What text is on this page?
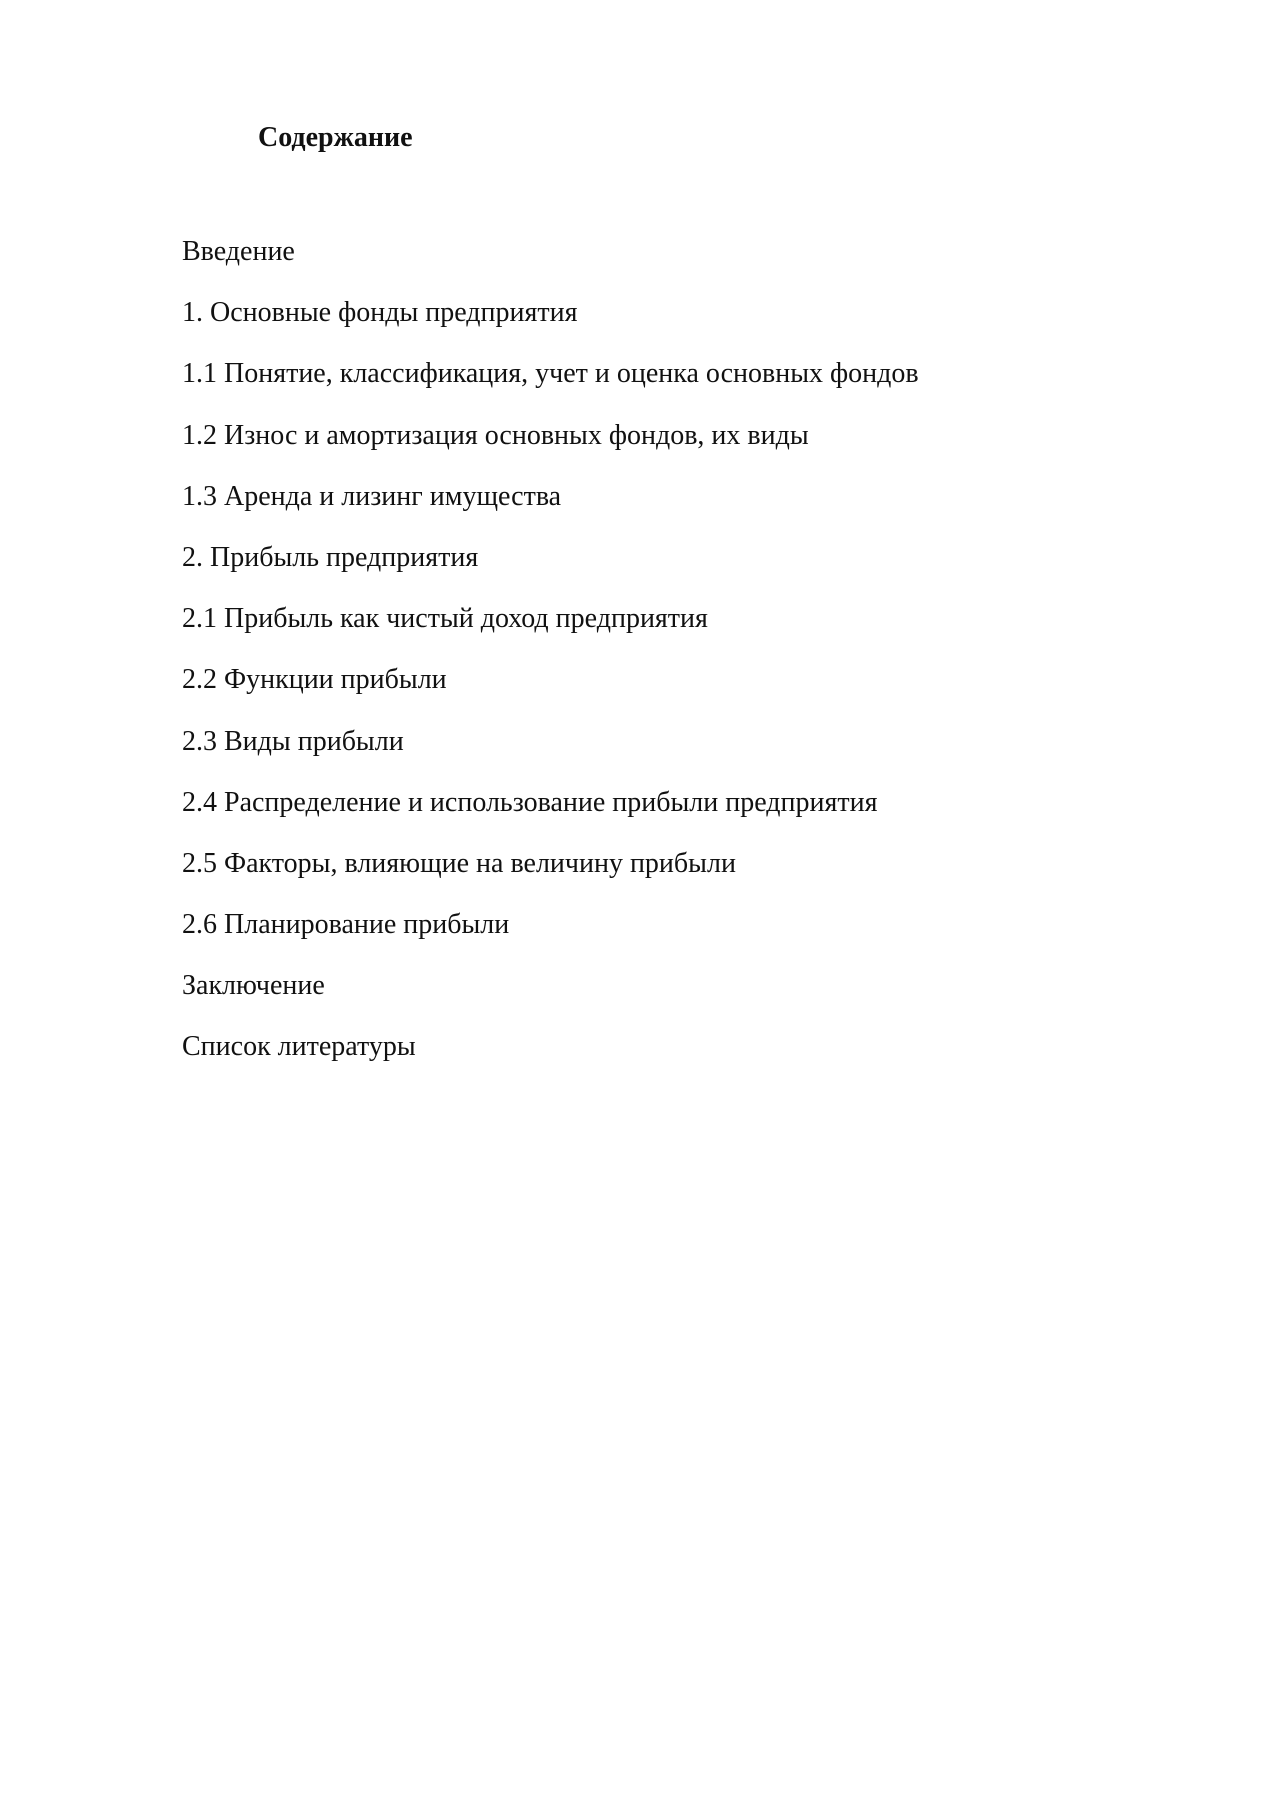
Содержание
Введение
1. Основные фонды предприятия
1.1 Понятие, классификация, учет и оценка основных фондов
1.2 Износ и амортизация основных фондов, их виды
1.3 Аренда и лизинг имущества
2. Прибыль предприятия
2.1 Прибыль как чистый доход предприятия
2.2 Функции прибыли
2.3 Виды прибыли
2.4 Распределение и использование прибыли предприятия
2.5 Факторы, влияющие на величину прибыли
2.6 Планирование прибыли
Заключение
Список литературы
